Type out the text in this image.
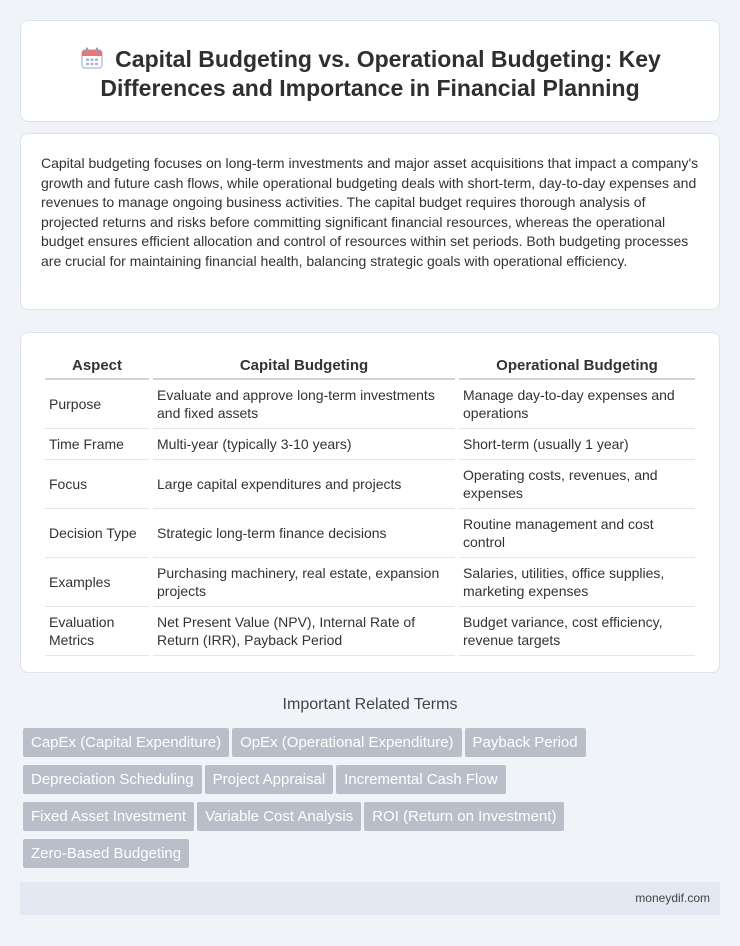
Capital Budgeting vs. Operational Budgeting: Key Differences and Importance in Financial Planning

Capital budgeting focuses on long-term investments and major asset acquisitions that impact a company's growth and future cash flows, while operational budgeting deals with short-term, day-to-day expenses and revenues to manage ongoing business activities. The capital budget requires thorough analysis of projected returns and risks before committing significant financial resources, whereas the operational budget ensures efficient allocation and control of resources within set periods. Both budgeting processes are crucial for maintaining financial health, balancing strategic goals with operational efficiency.

Aspect	Capital Budgeting	Operational Budgeting
Purpose	Evaluate and approve long-term investments and fixed assets	Manage day-to-day expenses and operations
Time Frame	Multi-year (typically 3-10 years)	Short-term (usually 1 year)
Focus	Large capital expenditures and projects	Operating costs, revenues, and expenses
Decision Type	Strategic long-term finance decisions	Routine management and cost control
Examples	Purchasing machinery, real estate, expansion projects	Salaries, utilities, office supplies, marketing expenses
Evaluation Metrics	Net Present Value (NPV), Internal Rate of Return (IRR), Payback Period	Budget variance, cost efficiency, revenue targets
Important Related Terms
CapEx (Capital Expenditure) OpEx (Operational Expenditure) Payback Period
Depreciation Scheduling Project Appraisal Incremental Cash Flow
Fixed Asset Investment Variable Cost Analysis ROI (Return on Investment)
Zero-Based Budgeting
moneydif.com
